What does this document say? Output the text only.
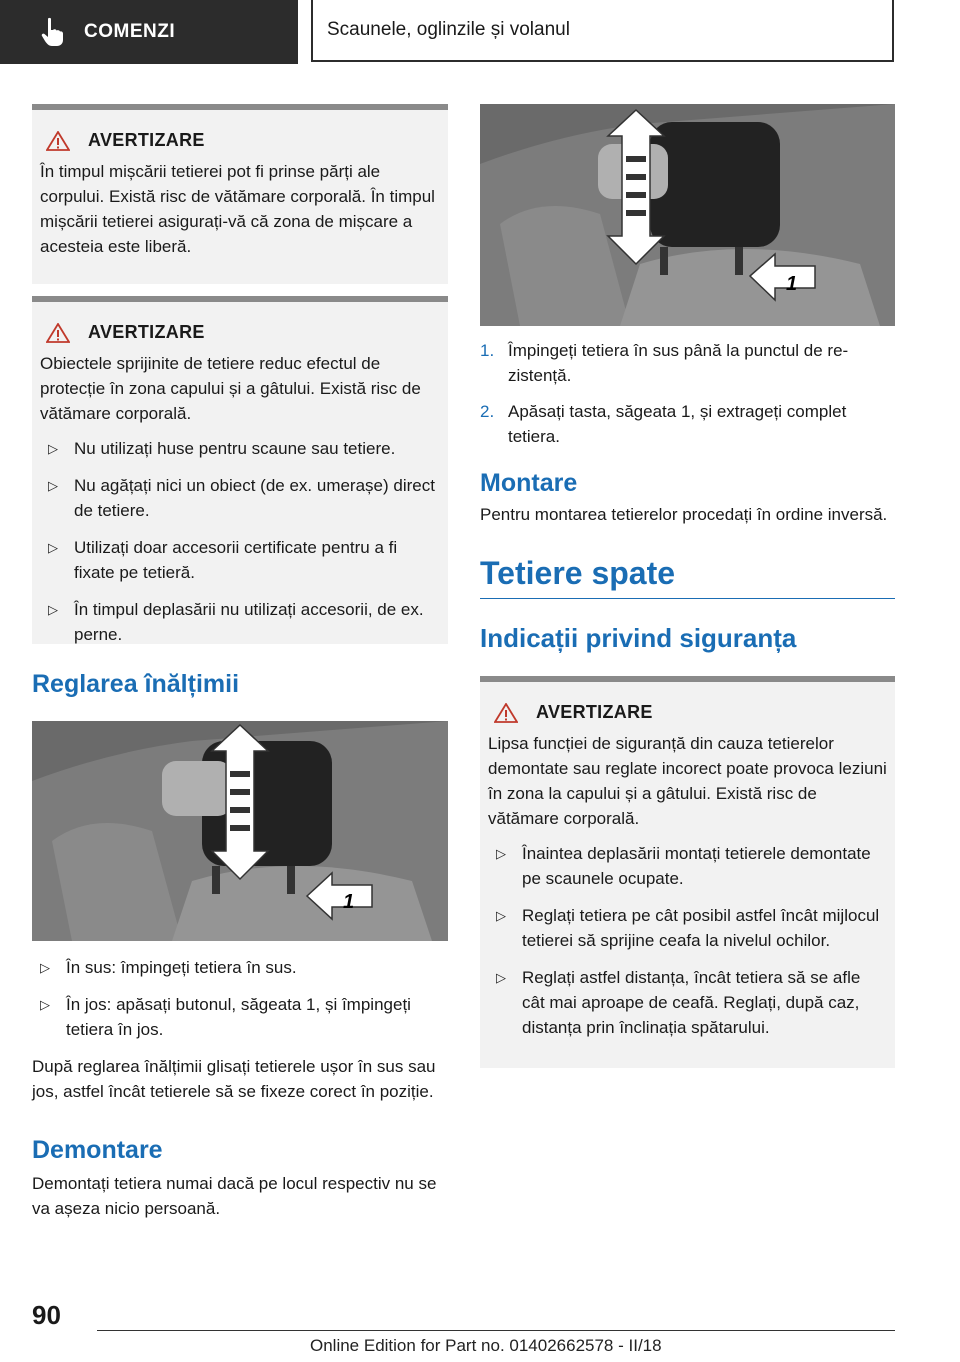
COMENZI	Scaunele, oglinzile și volanul
AVERTIZARE

În timpul mișcării tetierei pot fi prinse părți ale corpului. Există risc de vătămare corporală. În timpul mișcării tetierei asigurați-vă că zona de mișcare a acesteia este liberă.

AVERTIZARE

Obiectele sprijinite de tetiere reduc efectul de protecție în zona capului și a gâtului. Există risc de vătămare corporală.

▷ Nu utilizați huse pentru scaune sau tetiere.
▷ Nu agățați nici un obiect (de ex. umerașe) direct de tetiere.
▷ Utilizați doar accesorii certificate pentru a fi fixate pe tetieră.
▷ În timpul deplasării nu utilizați accesorii, de ex. perne.
Reglarea înălțimii
1
▷ În sus: împingeți tetiera în sus.
▷ În jos: apăsați butonul, săgeata 1, și împingeți tetiera în jos.

După reglarea înălțimii glisați tetierele ușor în sus sau jos, astfel încât tetierele să se fixeze corect în poziție.

Demontare

Demontați tetiera numai dacă pe locul respectiv nu se va așeza nicio persoană.

1
1. Împingeți tetiera în sus până la punctul de rezistență.
2. Apăsați tasta, săgeata 1, și extrageți complet tetiera.
Montare

Pentru montarea tetierelor procedați în ordine inversă.

Tetiere spate
Indicații privind siguranța
AVERTIZARE

Lipsa funcției de siguranță din cauza tetierelor demontate sau reglate incorect poate provoca leziuni în zona la capului și a gâtului. Există risc de vătămare corporală.

▷ Înaintea deplasării montați tetierele demontate pe scaunele ocupate.
▷ Reglați tetiera pe cât posibil astfel încât mijlocul tetierei să sprijine ceafa la nivelul ochilor.
▷ Reglați astfel distanța, încât tetiera să se afle cât mai aproape de ceafă. Reglați, după caz, distanța prin înclinația spătarului.
90
Online Edition for Part no. 01402662578 - II/18
